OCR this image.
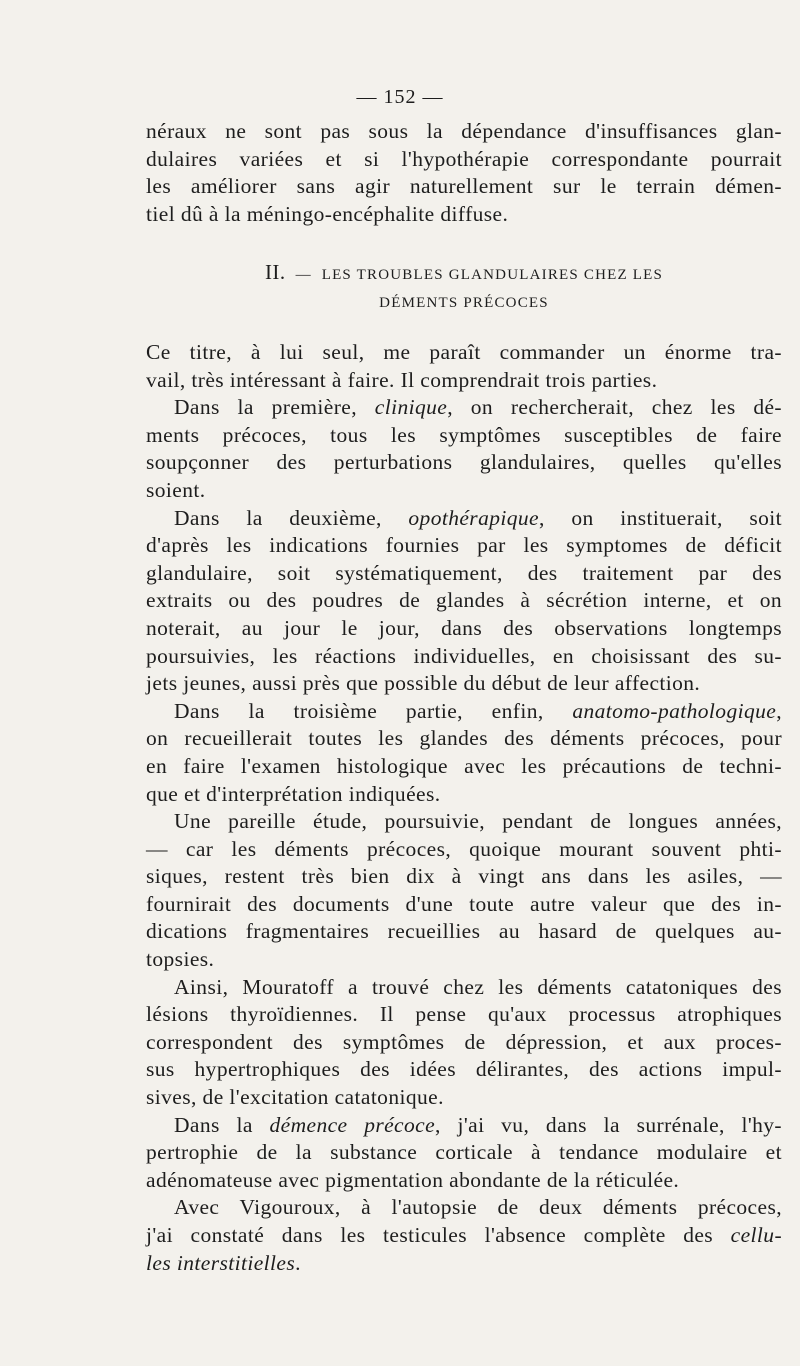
— 152 —
néraux ne sont pas sous la dépendance d'insuffisances glan-
dulaires variées et si l'hypothérapie correspondante pourrait
les améliorer sans agir naturellement sur le terrain démen-
tiel dû à la méningo-encéphalite diffuse.
II. — LES TROUBLES GLANDULAIRES CHEZ LES
DÉMENTS PRÉCOCES
Ce titre, à lui seul, me paraît commander un énorme tra-
vail, très intéressant à faire. Il comprendrait trois parties.
Dans la première, clinique, on rechercherait, chez les dé-
ments précoces, tous les symptômes susceptibles de faire
soupçonner des perturbations glandulaires, quelles qu'elles
soient.
Dans la deuxième, opothérapique, on instituerait, soit
d'après les indications fournies par les symptomes de déficit
glandulaire, soit systématiquement, des traitement par des
extraits ou des poudres de glandes à sécrétion interne, et on
noterait, au jour le jour, dans des observations longtemps
poursuivies, les réactions individuelles, en choisissant des su-
jets jeunes, aussi près que possible du début de leur affection.
Dans la troisième partie, enfin, anatomo-pathologique,
on recueillerait toutes les glandes des déments précoces, pour
en faire l'examen histologique avec les précautions de techni-
que et d'interprétation indiquées.
Une pareille étude, poursuivie, pendant de longues années,
— car les déments précoces, quoique mourant souvent phti-
siques, restent très bien dix à vingt ans dans les asiles, —
fournirait des documents d'une toute autre valeur que des in-
dications fragmentaires recueillies au hasard de quelques au-
topsies.
Ainsi, Mouratoff a trouvé chez les déments catatoniques des
lésions thyroïdiennes. Il pense qu'aux processus atrophiques
correspondent des symptômes de dépression, et aux proces-
sus hypertrophiques des idées délirantes, des actions impul-
sives, de l'excitation catatonique.
Dans la démence précoce, j'ai vu, dans la surrénale, l'hy-
pertrophie de la substance corticale à tendance modulaire et
adénomateuse avec pigmentation abondante de la réticulée.
Avec Vigouroux, à l'autopsie de deux déments précoces,
j'ai constaté dans les testicules l'absence complète des cellu-
les interstitielles.
